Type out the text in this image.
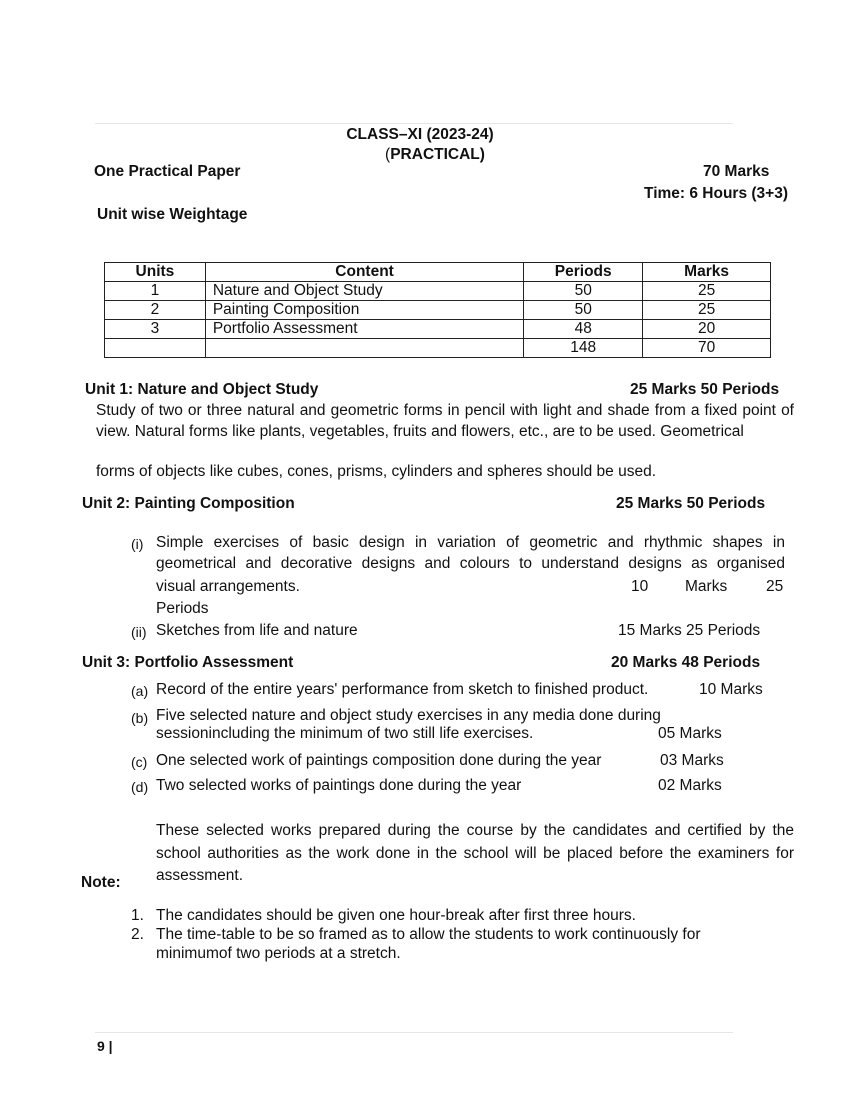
CLASS–XI (2023-24)
(PRACTICAL)
One Practical Paper	70 Marks
Time: 6 Hours (3+3)
Unit wise Weightage
Units	Content	Periods	Marks
1	Nature and Object Study	50	25
2	Painting Composition	50	25
3	Portfolio Assessment	48	20
		148	70
Unit 1: Nature and Object Study	25 Marks 50 Periods
Study of two or three natural and geometric forms in pencil with light and shade from a fixed point of view. Natural forms like plants, vegetables, fruits and flowers, etc., are to be used. Geometrical
forms of objects like cubes, cones, prisms, cylinders and spheres should be used.
Unit 2: Painting Composition	25 Marks 50 Periods
(i) Simple exercises of basic design in variation of geometric and rhythmic shapes in geometrical and decorative designs and colours to understand designs as organised
visual arrangements.	10 Marks	25
Periods
(ii) Sketches from life and nature	15 Marks 25 Periods
Unit 3: Portfolio Assessment	20 Marks 48 Periods
(a) Record of the entire years' performance from sketch to finished product.	10 Marks
(b) Five selected nature and object study exercises in any media done during
sessionincluding the minimum of two still life exercises.	05 Marks
(c) One selected work of paintings composition done during the year	03 Marks
(d) Two selected works of paintings done during the year	02 Marks
These selected works prepared during the course by the candidates and certified by the school authorities as the work done in the school will be placed before the examiners for assessment.
Note:
1. The candidates should be given one hour-break after first three hours.
2. The time-table to be so framed as to allow the students to work continuously for
minimumof two periods at a stretch.
9 |
